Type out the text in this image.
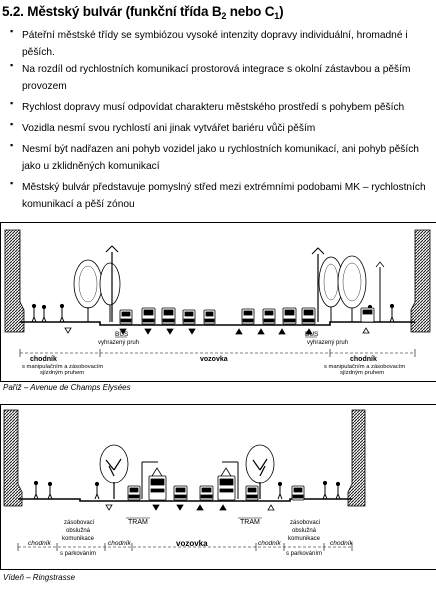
5.2. Městský bulvár (funkční třída $B_2$ nebo $C_1$)
▪ Páteřní městské třídy se symbiózou vysoké intenzity dopravy individuální, hromadné i
pěších.
▪ Na rozdíl od rychlostních komunikací prostorová integrace s okolní zástavbou a pěším
provozem
▪ Rychlost dopravy musí odpovídat charakteru městského prostředí s pohybem pěších
▪ Vozidla nesmí svou rychlostí ani jinak vytvářet bariéru vůči pěším
▪ Nesmí být nadřazen ani pohyb vozidel jako u rychlostních komunikací, ani pohyb pěších
jako u zklidněných komunikací
▪ Městský bulvár představuje pomyslný střed mezi extrémními podobami MK – rychlostních
komunikací a pěší zónou
BUS
vyhrazený pruh
BUS
vyhrazený pruh
chodník	vozovka	chodník
s manipulačním a zásobovacím
sjízdným pruhem
s manipulačním a zásobovacím
sjízdným pruhem
Paříž – Avenue de Champs Elysées
TRAM	TRAM
chodník
zásobovací
obslužná
komunikace
s parkováním
chodník	vozovka	chodník
zásobovací
obslužná
komunikace
s parkováním
chodník
Vídeň – Ringstrasse
